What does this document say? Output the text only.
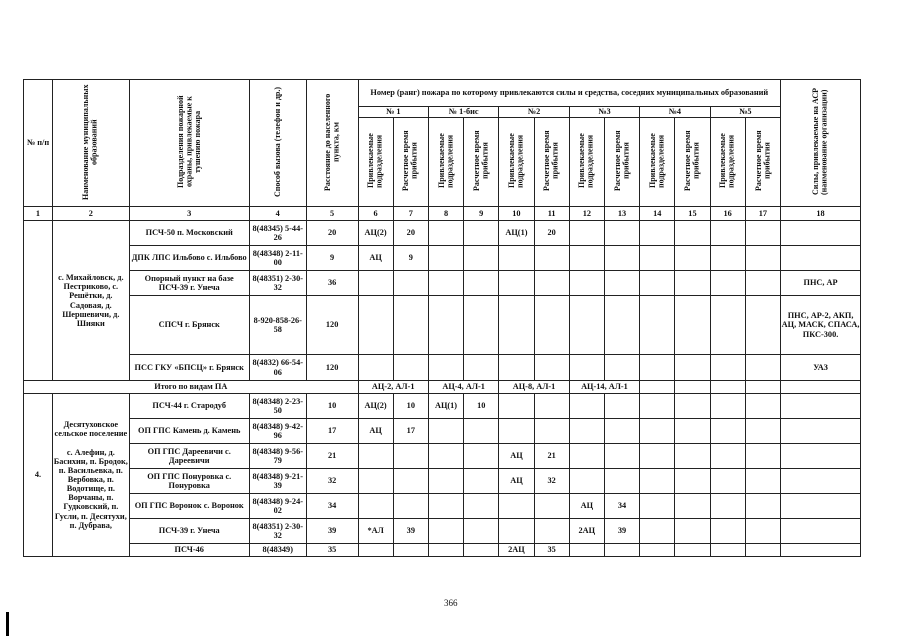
№ п/п	Наименование муниципальных образований	Подразделения пожарной охраны, привлекаемые к тушению пожара	Способ вызова (телефон и др.)	Расстояние до населенного пункта, км	Номер (ранг) пожара по которому привлекаются силы и средства, соседних муниципальных образований												Силы, привлекаемые на АСР (наименование организации)
					№ 1		№ 1-бис		№2		№3		№4		№5		
					Привлекаемые подразделения	Расчетное время прибытия	Привлекаемые подразделения	Расчетное время прибытия	Привлекаемые подразделения	Расчетное время прибытия	Привлекаемые подразделения	Расчетное время прибытия	Привлекаемые подразделения	Расчетное время прибытия	Привлекаемые подразделения	Расчетное время прибытия	
1	2	3	4	5	6	7	8	9	10	11	12	13	14	15	16	17	18
	с. Михайловск, д. Пестриково, с. Решётки, д. Садовая, д. Шершевичи, д. Шияки	ПСЧ-50 п. Московский	8(48345) 5-44-26	20	АЦ(2)	20			АЦ(1)	20							
		ДПК ЛПС Ильбово с. Ильбово	8(48348) 2-11-00	9	АЦ	9											
		Опорный пункт на базе ПСЧ-39 г. Унеча	8(48351) 2-30-32	36													ПНС, АР
		СПСЧ г. Брянск	8-920-858-26-58	120													ПНС, АР-2, АКП, АЦ, МАСК, СПАСА, ПКС-300.
		ПСС ГКУ «БПСЦ» г. Брянск	8(4832) 66-54-06	120													УАЗ
Итого по видам ПА					АЦ-2, АЛ-1		АЦ-4, АЛ-1		АЦ-8, АЛ-1		АЦ-14, АЛ-1						
4.	Десятуховское сельское поселение

с. Алефин, д. Басихин, п. Бродок, п. Васильевка, п. Вербовка, п. Водотище, п. Ворчаны, п. Гудковский, п. Гусли, п. Десятухи, п. Дубрава,	ПСЧ-44 г. Стародуб	8(48348) 2-23-50	10	АЦ(2)	10	АЦ(1)	10									
		ОП ГПС Камень д. Камень	8(48348) 9-42-96	17	АЦ	17											
		ОП ГПС Дареевичи с. Дареевичи	8(48348) 9-56-79	21					АЦ	21							
		ОП ГПС Понуровка с. Понуровка	8(48348) 9-21-39	32					АЦ	32							
		ОП ГПС Воронок с. Воронок	8(48348) 9-24-02	34							АЦ	34					
		ПСЧ-39 г. Унеча	8(48351) 2-30-32	39	*АЛ	39					2АЦ	39					
		ПСЧ-46	8(48349)	35					2АЦ	35							
366
